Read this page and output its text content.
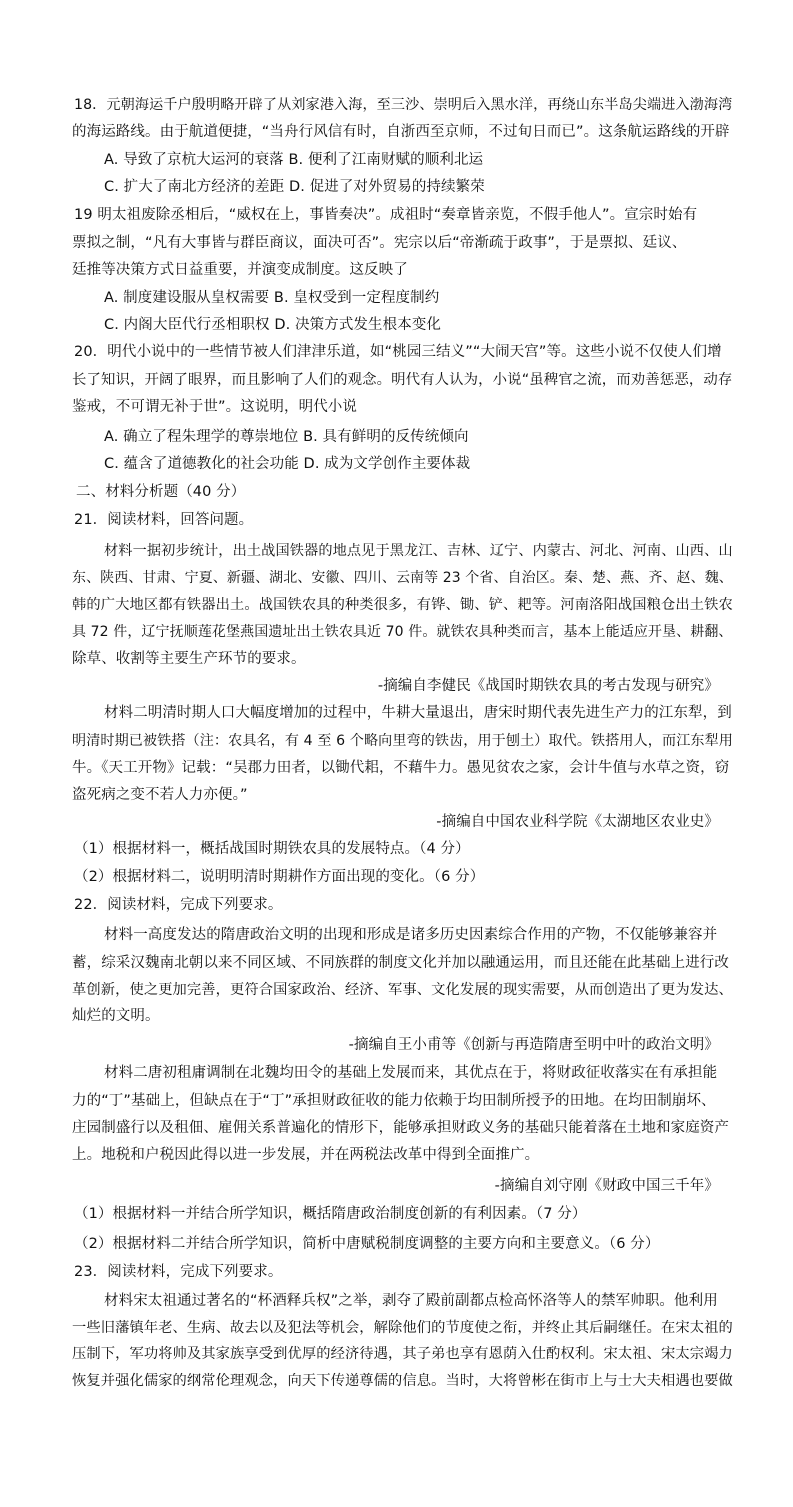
18．元朝海运千户殷明略开辟了从刘家港入海，至三沙、崇明后入黑水洋，再绕山东半岛尖端进入渤海湾
的海运路线。由于航道便捷，“当舟行风信有时，自浙西至京师，不过旬日而已”。这条航运路线的开辟
A. 导致了京杭大运河的衰落 B. 便利了江南财赋的顺利北运
C. 扩大了南北方经济的差距 D. 促进了对外贸易的持续繁荣
19 明太祖废除丞相后，“威权在上，事皆奏决”。成祖时“奏章皆亲览，不假手他人”。宣宗时始有
票拟之制，“凡有大事皆与群臣商议，面决可否”。宪宗以后“帝渐疏于政事”，于是票拟、廷议、
廷推等决策方式日益重要，并演变成制度。这反映了
A. 制度建设服从皇权需要 B. 皇权受到一定程度制约
C. 内阁大臣代行丞相职权 D. 决策方式发生根本变化
20．明代小说中的一些情节被人们津津乐道，如“桃园三结义”“大闹天宫”等。这些小说不仅使人们增
长了知识，开阔了眼界，而且影响了人们的观念。明代有人认为，小说“虽稗官之流，而劝善惩恶，动存
鉴戒，不可谓无补于世”。这说明，明代小说
A. 确立了程朱理学的尊崇地位 B. 具有鲜明的反传统倾向
C. 蕴含了道德教化的社会功能 D. 成为文学创作主要体裁
二、材料分析题（40 分）
21．阅读材料，回答问题。
材料一据初步统计，出土战国铁器的地点见于黑龙江、吉林、辽宁、内蒙古、河北、河南、山西、山
东、陕西、甘肃、宁夏、新疆、湖北、安徽、四川、云南等 23 个省、自治区。秦、楚、燕、齐、赵、魏、
韩的广大地区都有铁器出土。战国铁农具的种类很多，有铧、锄、铲、耙等。河南洛阳战国粮仓出土铁农
具 72 件，辽宁抚顺莲花堡燕国遗址出土铁农具近 70 件。就铁农具种类而言，基本上能适应开垦、耕翻、
除草、收割等主要生产环节的要求。
-摘编自李健民《战国时期铁农具的考古发现与研究》
材料二明清时期人口大幅度增加的过程中，牛耕大量退出，唐宋时期代表先进生产力的江东犁，到
明清时期已被铁搭（注：农具名，有 4 至 6 个略向里弯的铁齿，用于刨土）取代。铁搭用人，而江东犁用
牛。《天工开物》记载：“吴郡力田者，以锄代耜，不藉牛力。愚见贫农之家，会计牛值与水草之资，窃
盗死病之变不若人力亦便。”
-摘编自中国农业科学院《太湖地区农业史》
（1）根据材料一，概括战国时期铁农具的发展特点。（4 分）
（2）根据材料二，说明明清时期耕作方面出现的变化。（6 分）
22．阅读材料，完成下列要求。
材料一高度发达的隋唐政治文明的出现和形成是诸多历史因素综合作用的产物，不仅能够兼容并
蓄，综采汉魏南北朝以来不同区域、不同族群的制度文化并加以融通运用，而且还能在此基础上进行改
革创新，使之更加完善，更符合国家政治、经济、军事、文化发展的现实需要，从而创造出了更为发达、
灿烂的文明。
-摘编自王小甫等《创新与再造隋唐至明中叶的政治文明》
材料二唐初租庸调制在北魏均田令的基础上发展而来，其优点在于，将财政征收落实在有承担能
力的“丁”基础上，但缺点在于“丁”承担财政征收的能力依赖于均田制所授予的田地。在均田制崩坏、
庄园制盛行以及租佃、雇佣关系普遍化的情形下，能够承担财政义务的基础只能着落在土地和家庭资产
上。地税和户税因此得以进一步发展，并在两税法改革中得到全面推广。
-摘编自刘守刚《财政中国三千年》
（1）根据材料一并结合所学知识，概括隋唐政治制度创新的有利因素。（7 分）
（2）根据材料二并结合所学知识，简析中唐赋税制度调整的主要方向和主要意义。（6 分）
23．阅读材料，完成下列要求。
材料宋太祖通过著名的“杯酒释兵权”之举，剥夺了殿前副都点检高怀洛等人的禁军帅职。他利用
一些旧藩镇年老、生病、故去以及犯法等机会，解除他们的节度使之衔，并终止其后嗣继任。在宋太祖的
压制下，军功将帅及其家族享受到优厚的经济待遇，其子弟也享有恩荫入仕酌权利。宋太祖、宋太宗竭力
恢复并强化儒家的纲常伦理观念，向天下传递尊儒的信息。当时，大将曾彬在街市上与士大夫相遇也要做
